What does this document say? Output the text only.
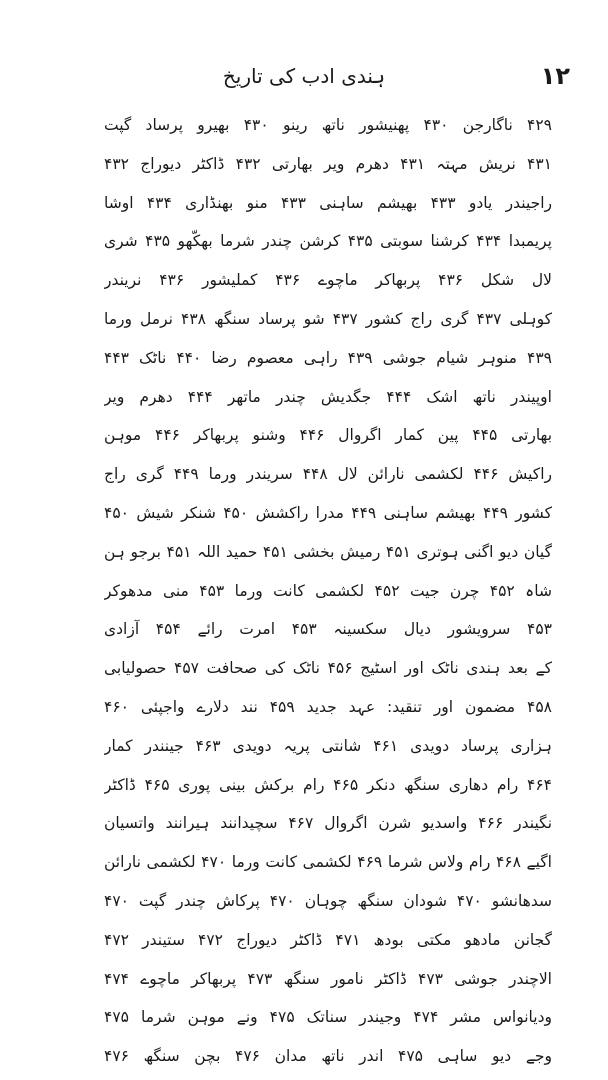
۱۲
ہندی ادب کی تاریخ
۴۲۹ ناگارجن ۴۳۰ پھنیشور ناتھ رینو ۴۳۰ بھیرو پرساد گپت
۴۳۱ نریش مہتہ ۴۳۱ دھرم ویر بھارتی ۴۳۲ ڈاکٹر دیوراج ۴۳۲
راجیندر یادو ۴۳۳ بھیشم ساہنی ۴۳۳ منو بھنڈاری ۴۳۴ اوشا
پریمبدا ۴۳۴ کرشنا سوبتی ۴۳۵ کرشن چندر شرما بھکّھو ۴۳۵ شری
لال شکل ۴۳۶ پربھاکر ماچوے ۴۳۶ کملیشور ۴۳۶ نریندر
کوہلی ۴۳۷ گری راج کشور ۴۳۷ شو پرساد سنگھ ۴۳۸ نرمل ورما
۴۳۹ منوہر شیام جوشی ۴۳۹ راہی معصوم رضا ۴۴۰ ناٹک ۴۴۳
اوپیندر ناتھ اشک ۴۴۴ جگدیش چندر ماتھر ۴۴۴ دھرم ویر
بھارتی ۴۴۵ پین کمار اگروال ۴۴۶ وشنو پربھاکر ۴۴۶ موہن
راکیش ۴۴۶ لکشمی نارائن لال ۴۴۸ سریندر ورما ۴۴۹ گری راج
کشور ۴۴۹ بھیشم ساہنی ۴۴۹ مدرا راکشش ۴۵۰ شنکر شیش ۴۵۰
گیان دیو اگنی ہوتری ۴۵۱ رمیش بخشی ۴۵۱ حمید اللہ ۴۵۱ برجو ہن
شاہ ۴۵۲ چرن جیت ۴۵۲ لکشمی کانت ورما ۴۵۳ منی مدھوکر
۴۵۳ سرویشور دیال سکسینہ ۴۵۳ امرت رائے ۴۵۴ آزادی
کے بعد ہندی ناٹک اور اسٹیج ۴۵۶ ناٹک کی صحافت ۴۵۷ حصولیابی
۴۵۸ مضمون اور تنقید: عہد جدید ۴۵۹ نند دلارے واجپئی ۴۶۰
ہزاری پرساد دویدی ۴۶۱ شانتی پریہ دویدی ۴۶۳ جینندر کمار
۴۶۴ رام دھاری سنگھ دنکر ۴۶۵ رام برکش بینی پوری ۴۶۵ ڈاکٹر
نگیندر ۴۶۶ واسدیو شرن اگروال ۴۶۷ سچیدانند ہیرانند واتسیان
اگیے ۴۶۸ رام ولاس شرما ۴۶۹ لکشمی کانت ورما ۴۷۰ لکشمی نارائن
سدھانشو ۴۷۰ شودان سنگھ چوہان ۴۷۰ پرکاش چندر گپت ۴۷۰
گجانن مادھو مکتی بودھ ۴۷۱ ڈاکٹر دیوراج ۴۷۲ ستیندر ۴۷۲
الاچندر جوشی ۴۷۳ ڈاکٹر نامور سنگھ ۴۷۳ پربھاکر ماچوے ۴۷۴
ودیانواس مشر ۴۷۴ وجیندر سناتک ۴۷۵ ونے موہن شرما ۴۷۵
وجے دیو ساہی ۴۷۵ اندر ناتھ مدان ۴۷۶ بچن سنگھ ۴۷۶
